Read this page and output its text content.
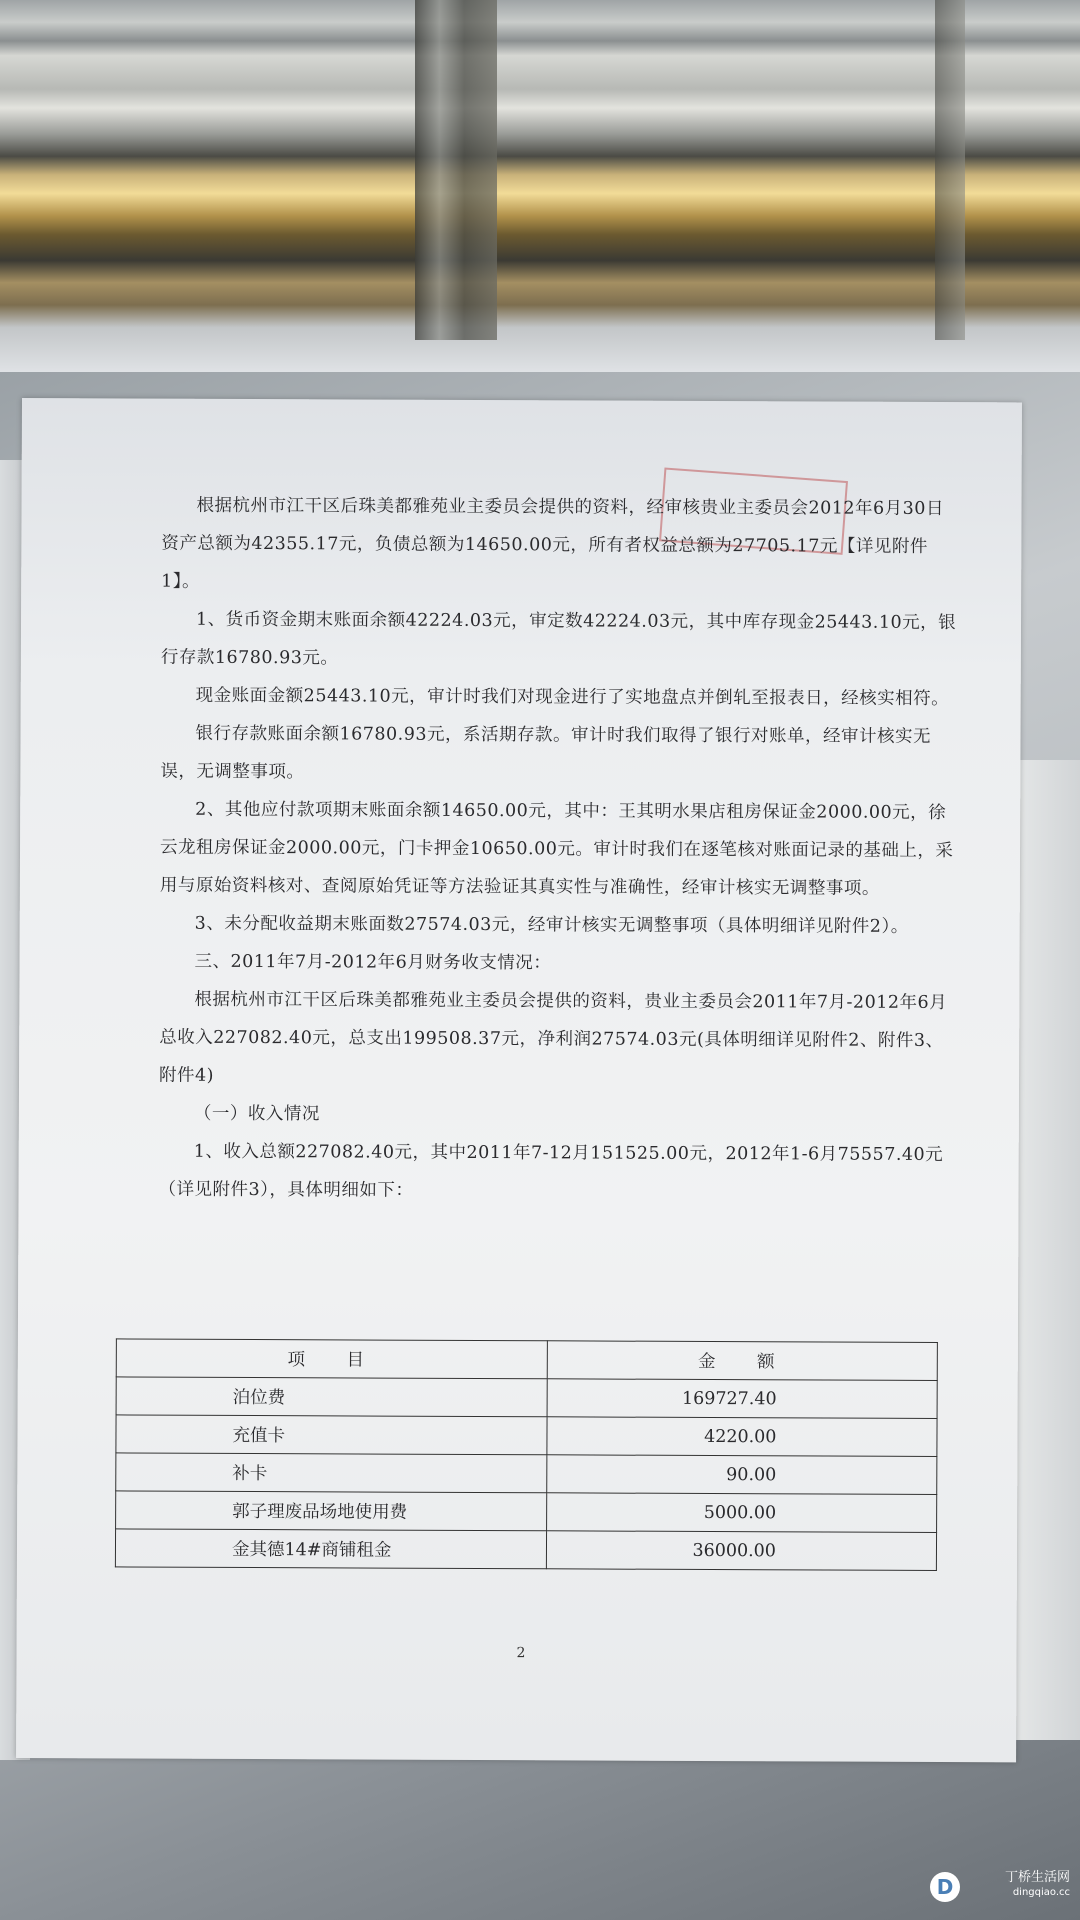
根据杭州市江干区后珠美都雅苑业主委员会提供的资料，经审核贵业主委员会2012年6月30日资产总额为42355.17元，负债总额为14650.00元，所有者权益总额为27705.17元【详见附件1】。

1、货币资金期末账面余额42224.03元，审定数42224.03元，其中库存现金25443.10元，银行存款16780.93元。

现金账面金额25443.10元，审计时我们对现金进行了实地盘点并倒轧至报表日，经核实相符。

银行存款账面余额16780.93元，系活期存款。审计时我们取得了银行对账单，经审计核实无误，无调整事项。

2、其他应付款项期末账面余额14650.00元，其中：王其明水果店租房保证金2000.00元，徐云龙租房保证金2000.00元，门卡押金10650.00元。审计时我们在逐笔核对账面记录的基础上，采用与原始资料核对、查阅原始凭证等方法验证其真实性与准确性，经审计核实无调整事项。

3、未分配收益期末账面数27574.03元，经审计核实无调整事项（具体明细详见附件2）。

三、2011年7月-2012年6月财务收支情况：

根据杭州市江干区后珠美都雅苑业主委员会提供的资料，贵业主委员会2011年7月-2012年6月总收入227082.40元，总支出199508.37元，净利润27574.03元(具体明细详见附件2、附件3、附件4)

（一）收入情况

1、收入总额227082.40元，其中2011年7-12月151525.00元，2012年1-6月75557.40元（详见附件3），具体明细如下：

项　目	金　额
泊位费	169727.40
充值卡	4220.00
补卡	90.00
郭子理废品场地使用费	5000.00
金其德14#商铺租金	36000.00
2
D	丁桥生活网
dingqiao.cc
